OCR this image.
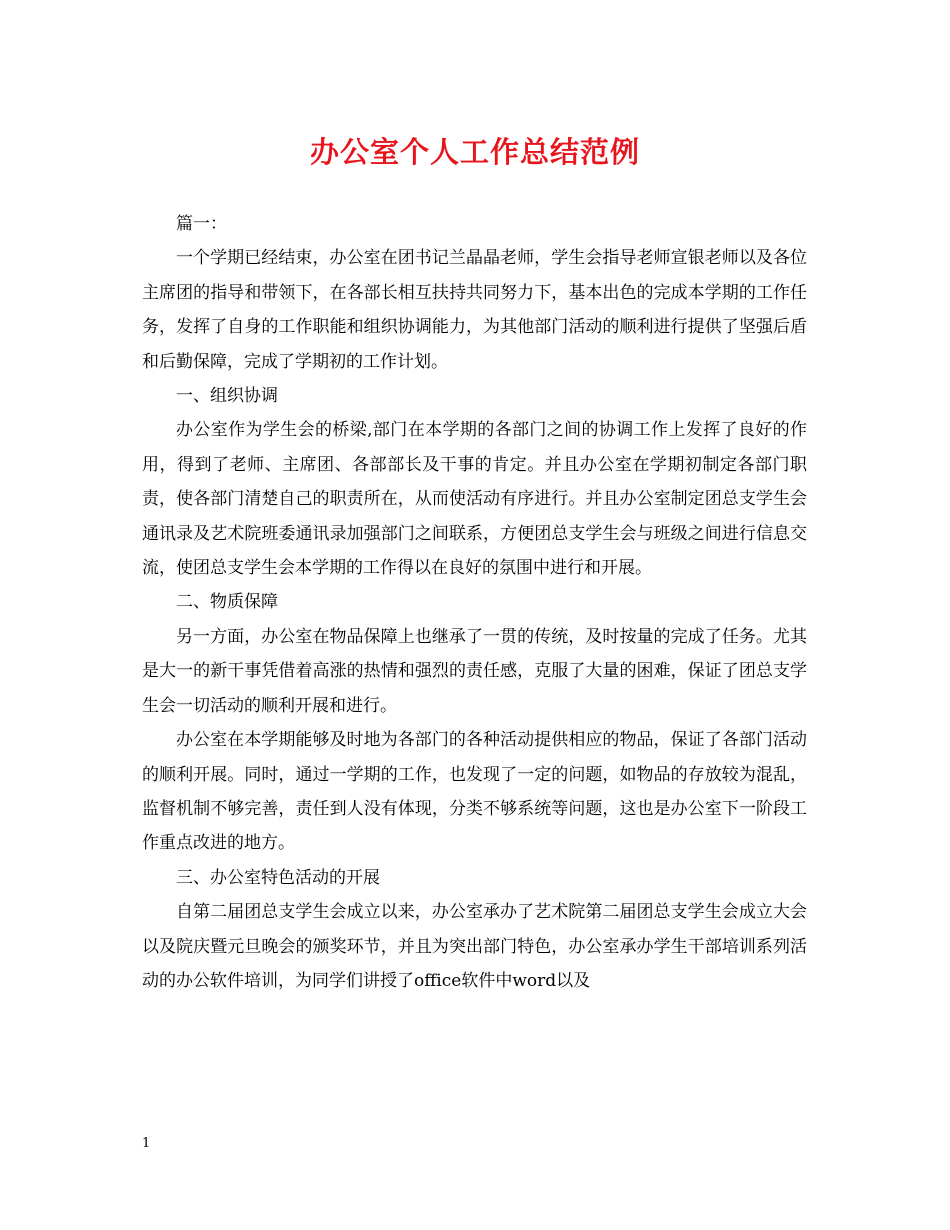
办公室个人工作总结范例

篇一：

一个学期已经结束，办公室在团书记兰晶晶老师，学生会指导老师宣银老师以及各位主席团的指导和带领下，在各部长相互扶持共同努力下，基本出色的完成本学期的工作任务，发挥了自身的工作职能和组织协调能力，为其他部门活动的顺利进行提供了坚强后盾和后勤保障，完成了学期初的工作计划。

一、组织协调

办公室作为学生会的桥梁,部门在本学期的各部门之间的协调工作上发挥了良好的作用，得到了老师、主席团、各部部长及干事的肯定。并且办公室在学期初制定各部门职责，使各部门清楚自己的职责所在，从而使活动有序进行。并且办公室制定团总支学生会通讯录及艺术院班委通讯录加强部门之间联系，方便团总支学生会与班级之间进行信息交流，使团总支学生会本学期的工作得以在良好的氛围中进行和开展。

二、物质保障

另一方面，办公室在物品保障上也继承了一贯的传统，及时按量的完成了任务。尤其是大一的新干事凭借着高涨的热情和强烈的责任感，克服了大量的困难，保证了团总支学生会一切活动的顺利开展和进行。

办公室在本学期能够及时地为各部门的各种活动提供相应的物品，保证了各部门活动的顺利开展。同时，通过一学期的工作，也发现了一定的问题，如物品的存放较为混乱，监督机制不够完善，责任到人没有体现，分类不够系统等问题，这也是办公室下一阶段工作重点改进的地方。

三、办公室特色活动的开展

自第二届团总支学生会成立以来，办公室承办了艺术院第二届团总支学生会成立大会以及院庆暨元旦晚会的颁奖环节，并且为突出部门特色，办公室承办学生干部培训系列活动的办公软件培训，为同学们讲授了office软件中word以及

1
